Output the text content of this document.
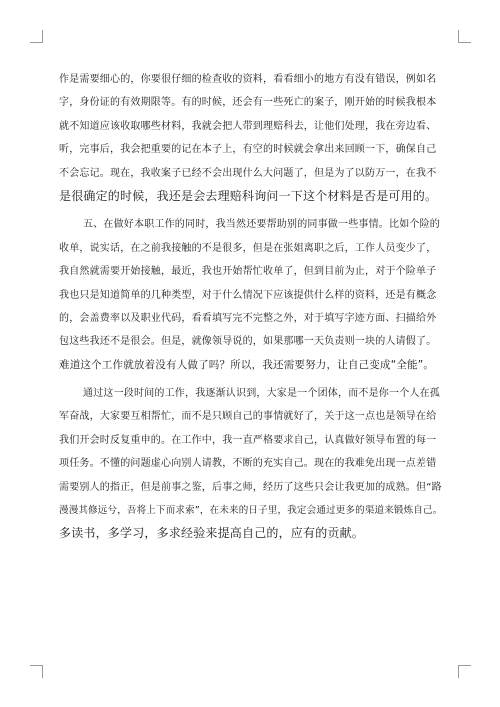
作是需要细心的，你要很仔细的检查收的资料，看看细小的地方有没有错误，例如名
字，身份证的有效期限等。有的时候，还会有一些死亡的案子，刚开始的时候我根本
就不知道应该收取哪些材料，我就会把人带到理赔科去，让他们处理，我在旁边看、
听，完事后，我会把重要的记在本子上，有空的时候就会拿出来回顾一下，确保自己
不会忘记。现在，我收案子已经不会出现什么大问题了，但是为了以防万一，在我不
是很确定的时候，我还是会去理赔科询问一下这个材料是否是可用的。
五、在做好本职工作的同时，我当然还要帮助别的同事做一些事情。比如个险的
收单，说实话，在之前我接触的不是很多，但是在张姐离职之后，工作人员变少了，
我自然就需要开始接触，最近，我也开始帮忙收单了，但到目前为止，对于个险单子
我也只是知道简单的几种类型，对于什么情况下应该提供什么样的资料，还是有概念
的，会盖费率以及职业代码，看看填写完不完整之外，对于填写字迹方面、扫描给外
包这些我还不是很会。但是，就像领导说的，如果那哪一天负责则一块的人请假了。
难道这个工作就放着没有人做了吗？所以，我还需要努力，让自己变成“全能”。
通过这一段时间的工作，我逐渐认识到，大家是一个团体，而不是你一个人在孤
军奋战，大家要互相帮忙，而不是只顾自己的事情就好了，关于这一点也是领导在给
我们开会时反复重申的。在工作中，我一直严格要求自己，认真做好领导布置的每一
项任务。不懂的问题虚心向别人请教，不断的充实自己。现在的我难免出现一点差错
需要别人的指正，但是前事之鉴，后事之师，经历了这些只会让我更加的成熟。但“路
漫漫其修远兮，吾将上下而求索”，在未来的日子里，我定会通过更多的渠道来锻炼自己。
多读书，多学习，多求经验来提高自己的，应有的贡献。
